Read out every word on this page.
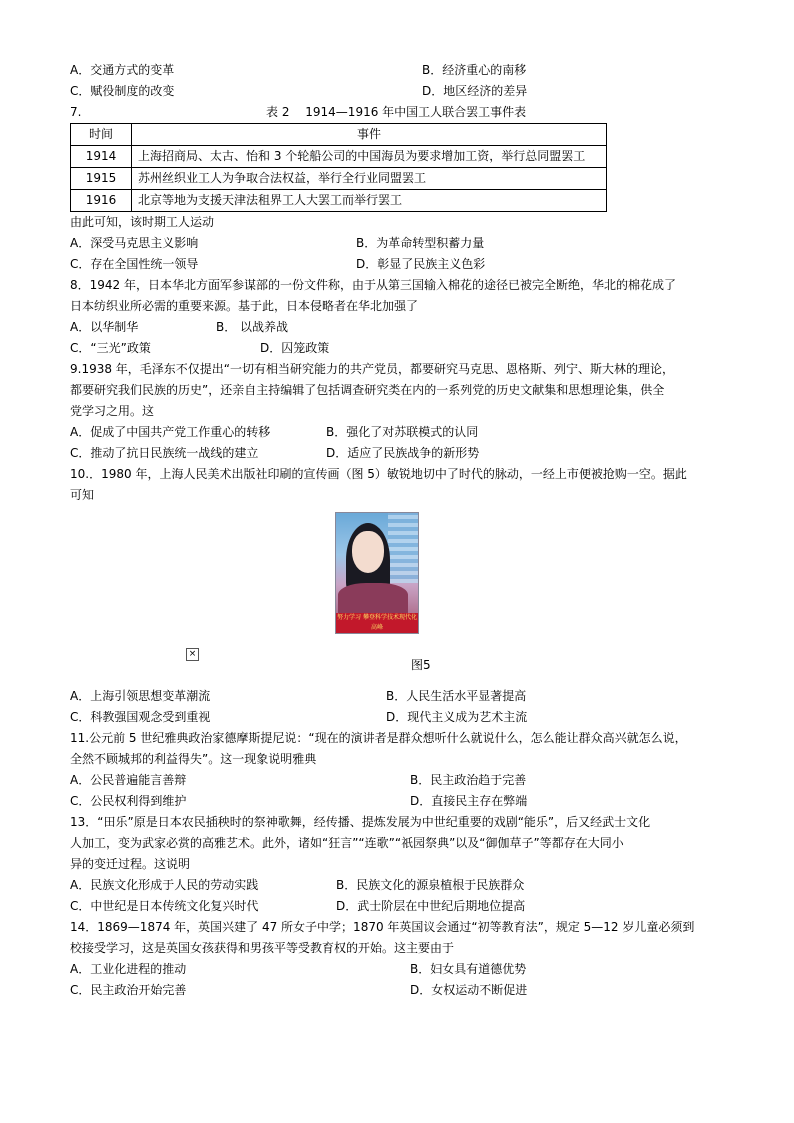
A．交通方式的变革	B．经济重心的南移
C．赋役制度的改变	D．地区经济的差异
7.	表 2　 1914—1916 年中国工人联合罢工事件表
时间	事件
1914	上海招商局、太古、怡和 3 个轮船公司的中国海员为要求增加工资，举行总同盟罢工
1915	苏州丝织业工人为争取合法权益，举行全行业同盟罢工
1916	北京等地为支援天津法租界工人大罢工而举行罢工
由此可知，该时期工人运动
A．深受马克思主义影响	B．为革命转型积蓄力量
C．存在全国性统一领导	D．彰显了民族主义色彩
8．1942 年，日本华北方面军参谋部的一份文件称，由于从第三国输入棉花的途径已被完全断绝，华北的棉花成了
日本纺织业所必需的重要来源。基于此，日本侵略者在华北加强了
A．以华制华	B． 以战养战
C．“三光”政策	D．囚笼政策
9.1938 年，毛泽东不仅提出“一切有相当研究能力的共产党员，都要研究马克思、恩格斯、列宁、斯大林的理论，
都要研究我们民族的历史”，还亲自主持编辑了包括调查研究类在内的一系列党的历史文献集和思想理论集，供全
党学习之用。这
A．促成了中国共产党工作重心的转移	B．强化了对苏联模式的认同
C．推动了抗日民族统一战线的建立	D．适应了民族战争的新形势
10.．1980 年，上海人民美术出版社印刷的宣传画（图 5）敏锐地切中了时代的脉动，一经上市便被抢购一空。据此
可知
努力学习 攀登科学技术现代化高峰
×
图5
A．上海引领思想变革潮流	B．人民生活水平显著提高
C．科教强国观念受到重视	D．现代主义成为艺术主流
11.公元前 5 世纪雅典政治家德摩斯提尼说：“现在的演讲者是群众想听什么就说什么，怎么能让群众高兴就怎么说，
全然不顾城邦的利益得失”。这一现象说明雅典
A．公民普遍能言善辩	B．民主政治趋于完善
C．公民权利得到维护	D．直接民主存在弊端
13．“田乐”原是日本农民插秧时的祭神歌舞，经传播、提炼发展为中世纪重要的戏剧“能乐”，后又经武士文化
人加工，变为武家必赏的高雅艺术。此外，诸如“狂言”“连歌”“祇园祭典”以及“御伽草子”等都存在大同小
异的变迁过程。这说明
A．民族文化形成于人民的劳动实践	B．民族文化的源泉植根于民族群众
C．中世纪是日本传统文化复兴时代	D．武士阶层在中世纪后期地位提高
14．1869—1874 年，英国兴建了 47 所女子中学；1870 年英国议会通过“初等教育法”，规定 5—12 岁儿童必须到
校接受学习，这是英国女孩获得和男孩平等受教育权的开始。这主要由于
A．工业化进程的推动	B．妇女具有道德优势
C．民主政治开始完善	D．女权运动不断促进
